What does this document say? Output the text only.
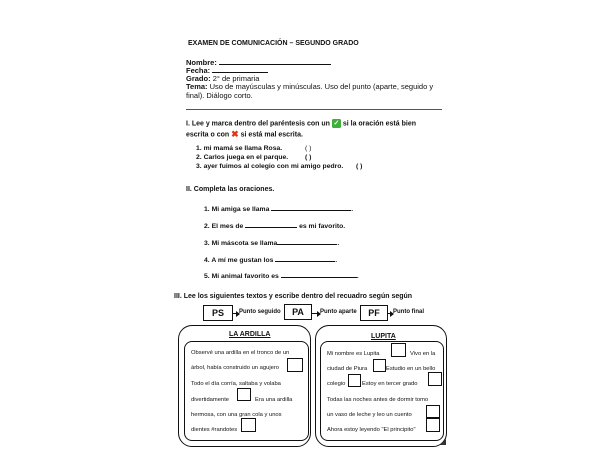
EXAMEN DE COMUNICACIÓN – SEGUNDO GRADO
Nombre:
Fecha:
Grado: 2° de primaria
Tema: Uso de mayúsculas y minúsculas. Uso del punto (aparte, seguido y
final). Diálogo corto.
I. Lee y marca dentro del paréntesis con un ✓ si la oración está bien
escrita o con ✖ si está mal escrita.
1. mi mamá se llama Rosa.	( )
2. Carlos juega en el parque. ( )
3. ayer fuimos al colegio con mi amigo pedro. ( )
II. Completa las oraciones.
1. Mi amiga se llama	.
2. El mes de	es mi favorito.
3. Mi máscota se llama	.
4. A mí me gustan los	.
5. Mi animal favorito es	.
III. Lee los siguientes textos y escribe dentro del recuadro según según
PS	Punto seguido	PA	Punto aparte	PF	Punto final
LA ARDILLA
Observé una ardilla en el tronco de un
árbol, había construido un agujero
Todo el día corría, saltaba y volaba
divertidamente	Era una ardilla
hermosa, con una gran cola y unos
dientes #randotes
LUPITA
Mi nombre es Lupita	Vivo en la
ciudad de Piura	Estudio en un bello
colegio	Estoy en tercer grado
Todas las noches antes de dormir tomo
un vaso de leche y leo un cuento
Ahora estoy leyendo "El principito"
